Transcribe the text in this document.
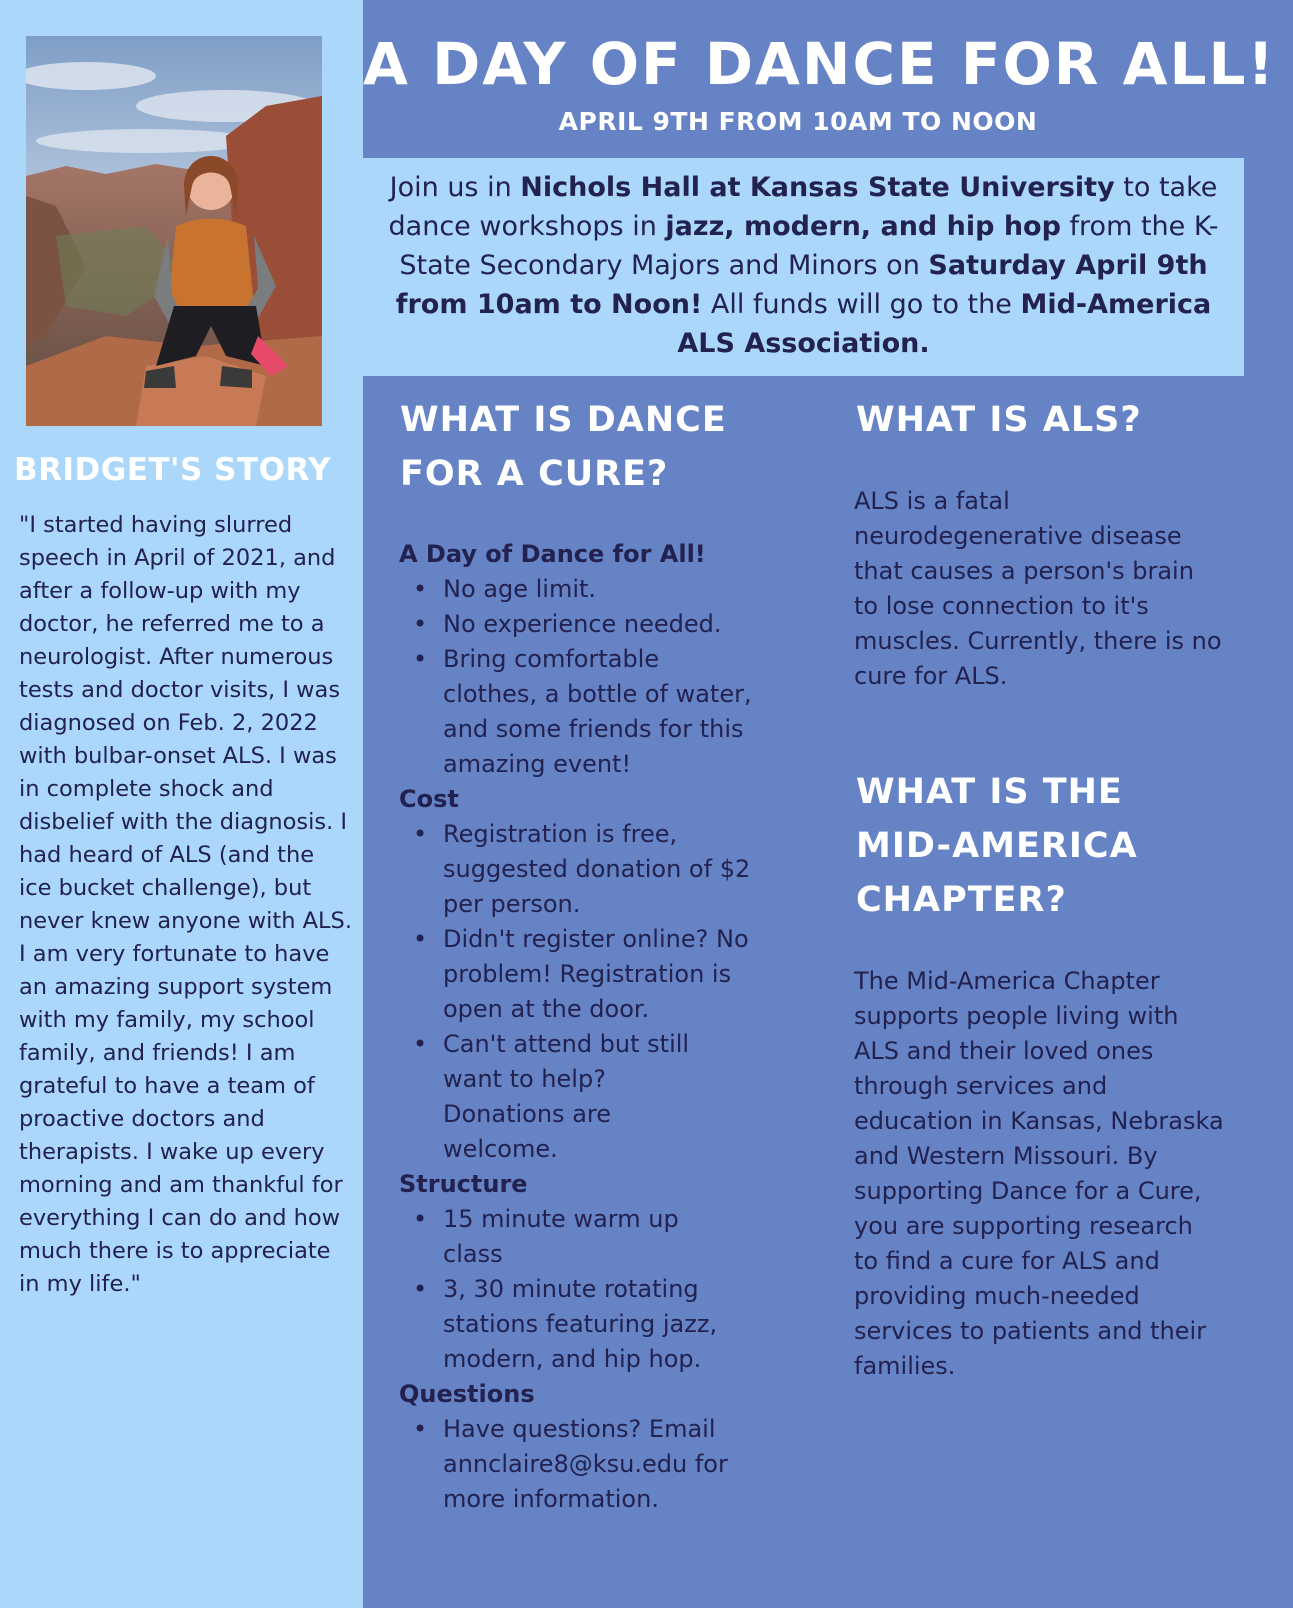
BRIDGET'S STORY
"I started having slurred speech in April of 2021, and after a follow-up with my doctor, he referred me to a neurologist. After numerous tests and doctor visits, I was diagnosed on Feb. 2, 2022 with bulbar-onset ALS. I was in complete shock and disbelief with the diagnosis. I had heard of ALS (and the ice bucket challenge), but never knew anyone with ALS. I am very fortunate to have an amazing support system with my family, my school family, and friends! I am grateful to have a team of proactive doctors and therapists. I wake up every morning and am thankful for everything I can do and how much there is to appreciate in my life."
A DAY OF DANCE FOR ALL!
APRIL 9TH FROM 10AM TO NOON
Join us in Nichols Hall at Kansas State University to take dance workshops in jazz, modern, and hip hop from the K-State Secondary Majors and Minors on Saturday April 9th from 10am to Noon! All funds will go to the Mid-America ALS Association.
WHAT IS DANCE
FOR A CURE?
A Day of Dance for All!
• No age limit.
• No experience needed.
• Bring comfortable clothes, a bottle of water, and some friends for this amazing event!
Cost
• Registration is free, suggested donation of $2 per person.
• Didn't register online? No problem! Registration is open at the door.
• Can't attend but still want to help? Donations are welcome.
Structure
• 15 minute warm up class
• 3, 30 minute rotating stations featuring jazz, modern, and hip hop.
Questions
• Have questions? Email annclaire8@ksu.edu for more information.
WHAT IS ALS?
ALS is a fatal neurodegenerative disease that causes a person's brain to lose connection to it's muscles. Currently, there is no cure for ALS.
WHAT IS THE
MID-AMERICA
CHAPTER?
The Mid-America Chapter supports people living with ALS and their loved ones through services and education in Kansas, Nebraska and Western Missouri. By supporting Dance for a Cure, you are supporting research to find a cure for ALS and providing much-needed services to patients and their families.
